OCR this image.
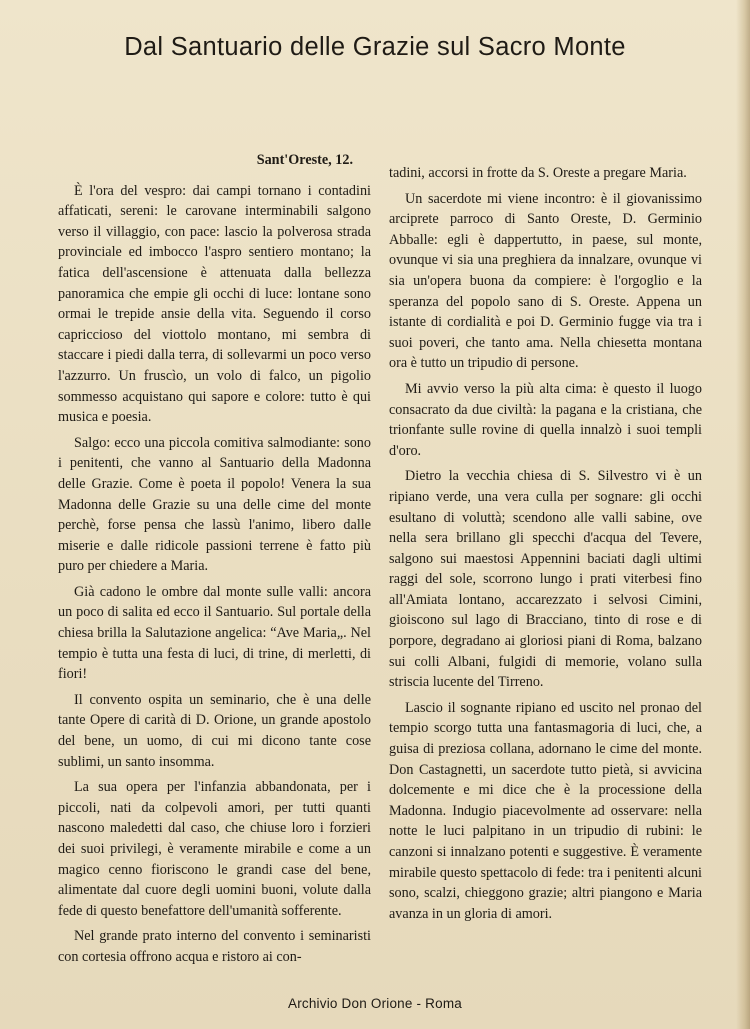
Dal Santuario delle Grazie sul Sacro Monte
Sant'Oreste, 12.

È l'ora del vespro: dai campi tornano i contadini affaticati, sereni: le carovane interminabili salgono verso il villaggio, con pace: lascio la polverosa strada provinciale ed imbocco l'aspro sentiero montano; la fatica dell'ascensione è attenuata dalla bellezza panoramica che empie gli occhi di luce: lontane sono ormai le trepide ansie della vita. Seguendo il corso capriccioso del viottolo montano, mi sembra di staccare i piedi dalla terra, di sollevarmi un poco verso l'azzurro. Un fruscìo, un volo di falco, un pigolio sommesso acquistano qui sapore e colore: tutto è qui musica e poesia.

Salgo: ecco una piccola comitiva salmodiante: sono i penitenti, che vanno al Santuario della Madonna delle Grazie. Come è poeta il popolo! Venera la sua Madonna delle Grazie su una delle cime del monte perchè, forse pensa che lassù l'animo, libero dalle miserie e dalle ridicole passioni terrene è fatto più puro per chiedere a Maria.

Già cadono le ombre dal monte sulle valli: ancora un poco di salita ed ecco il Santuario. Sul portale della chiesa brilla la Salutazione angelica: “Ave Maria„. Nel tempio è tutta una festa di luci, di trine, di merletti, di fiori!

Il convento ospita un seminario, che è una delle tante Opere di carità di D. Orione, un grande apostolo del bene, un uomo, di cui mi dicono tante cose sublimi, un santo insomma.

La sua opera per l'infanzia abbandonata, per i piccoli, nati da colpevoli amori, per tutti quanti nascono maledetti dal caso, che chiuse loro i forzieri dei suoi privilegi, è veramente mirabile e come a un magico cenno fioriscono le grandi case del bene, alimentate dal cuore degli uomini buoni, volute dalla fede di questo benefattore dell'umanità sofferente.

Nel grande prato interno del convento i seminaristi con cortesia offrono acqua e ristoro ai con-

tadini, accorsi in frotte da S. Oreste a pregare Maria.

Un sacerdote mi viene incontro: è il giovanissimo arciprete parroco di Santo Oreste, D. Germinio Abballe: egli è dappertutto, in paese, sul monte, ovunque vi sia una preghiera da innalzare, ovunque vi sia un'opera buona da compiere: è l'orgoglio e la speranza del popolo sano di S. Oreste. Appena un istante di cordialità e poi D. Germinio fugge via tra i suoi poveri, che tanto ama. Nella chiesetta montana ora è tutto un tripudio di persone.

Mi avvio verso la più alta cima: è questo il luogo consacrato da due civiltà: la pagana e la cristiana, che trionfante sulle rovine di quella innalzò i suoi templi d'oro.

Dietro la vecchia chiesa di S. Silvestro vi è un ripiano verde, una vera culla per sognare: gli occhi esultano di voluttà; scendono alle valli sabine, ove nella sera brillano gli specchi d'acqua del Tevere, salgono sui maestosi Appennini baciati dagli ultimi raggi del sole, scorrono lungo i prati viterbesi fino all'Amiata lontano, accarezzato i selvosi Cimini, gioiscono sul lago di Bracciano, tinto di rose e di porpore, degradano ai gloriosi piani di Roma, balzano sui colli Albani, fulgidi di memorie, volano sulla striscia lucente del Tirreno.

Lascio il sognante ripiano ed uscito nel pronao del tempio scorgo tutta una fantasmagoria di luci, che, a guisa di preziosa collana, adornano le cime del monte. Don Castagnetti, un sacerdote tutto pietà, si avvicina dolcemente e mi dice che è la processione della Madonna. Indugio piacevolmente ad osservare: nella notte le luci palpitano in un tripudio di rubini: le canzoni si innalzano potenti e suggestive. È veramente mirabile questo spettacolo di fede: tra i penitenti alcuni sono, scalzi, chieggono grazie; altri piangono e Maria avanza in un gloria di amori.

Archivio Don Orione - Roma
